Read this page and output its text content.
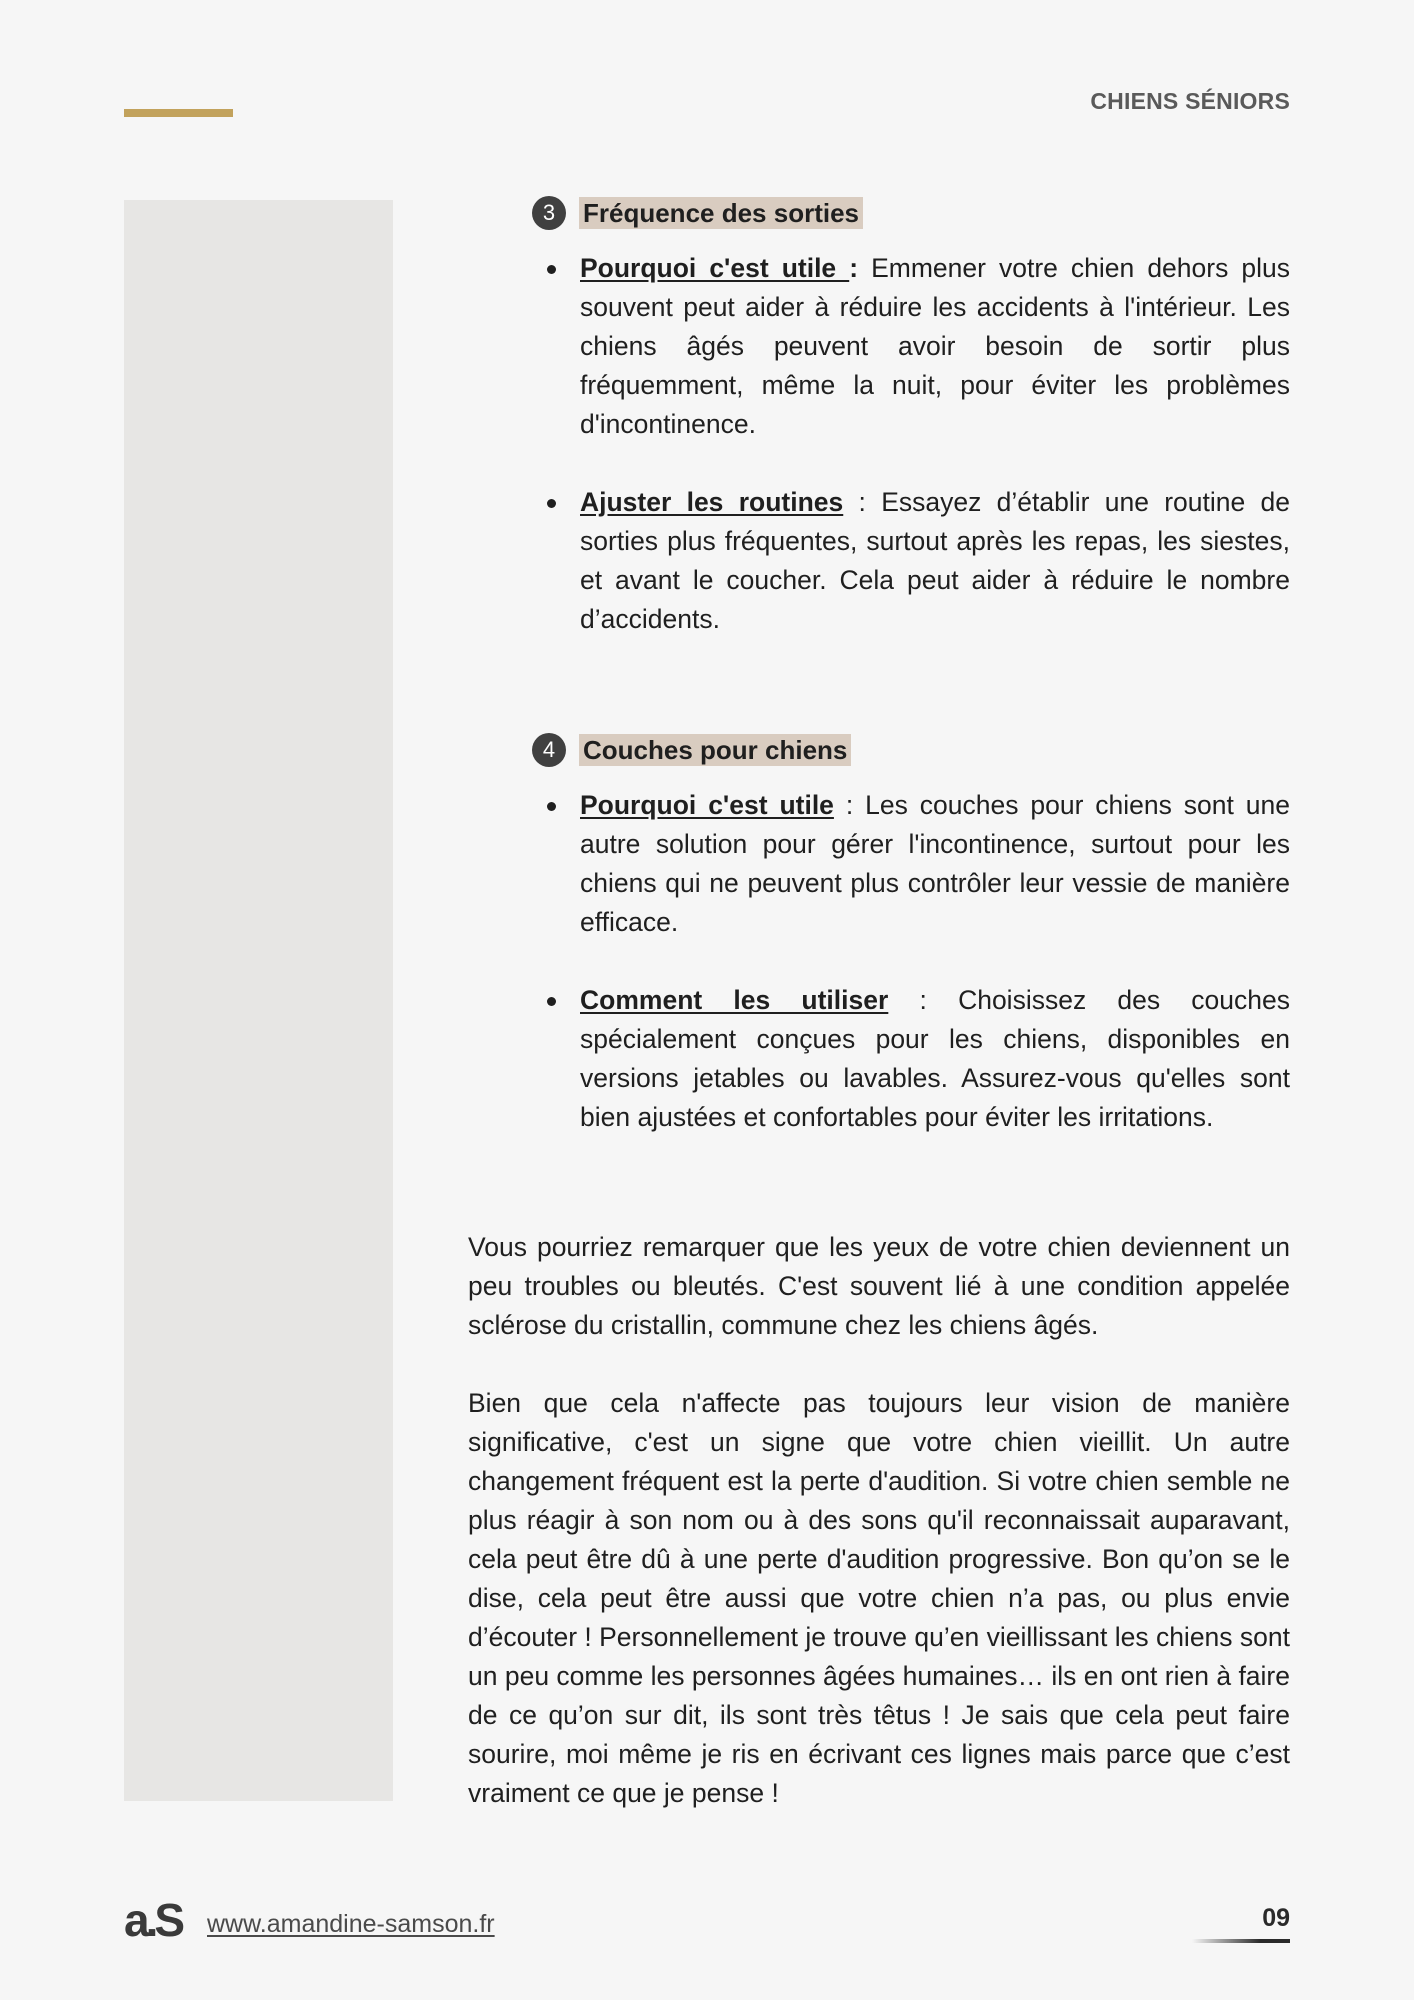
CHIENS SÉNIORS
3	Fréquence des sorties
Pourquoi c'est utile : Emmener votre chien dehors plus souvent peut aider à réduire les accidents à l'intérieur. Les chiens âgés peuvent avoir besoin de sortir plus fréquemment, même la nuit, pour éviter les problèmes d'incontinence.
Ajuster les routines : Essayez d’établir une routine de sorties plus fréquentes, surtout après les repas, les siestes, et avant le coucher. Cela peut aider à réduire le nombre d’accidents.
4	Couches pour chiens
Pourquoi c'est utile : Les couches pour chiens sont une autre solution pour gérer l'incontinence, surtout pour les chiens qui ne peuvent plus contrôler leur vessie de manière efficace.
Comment les utiliser : Choisissez des couches spécialement conçues pour les chiens, disponibles en versions jetables ou lavables. Assurez-vous qu'elles sont bien ajustées et confortables pour éviter les irritations.

Vous pourriez remarquer que les yeux de votre chien deviennent un peu troubles ou bleutés. C'est souvent lié à une condition appelée sclérose du cristallin, commune chez les chiens âgés.

Bien que cela n'affecte pas toujours leur vision de manière significative, c'est un signe que votre chien vieillit. Un autre changement fréquent est la perte d'audition. Si votre chien semble ne plus réagir à son nom ou à des sons qu'il reconnaissait auparavant, cela peut être dû à une perte d'audition progressive. Bon qu’on se le dise, cela peut être aussi que votre chien n’a pas, ou plus envie d’écouter ! Personnellement je trouve qu’en vieillissant les chiens sont un peu comme les personnes âgées humaines… ils en ont rien à faire de ce qu’on sur dit, ils sont très têtus ! Je sais que cela peut faire sourire, moi même je ris en écrivant ces lignes mais parce que c’est vraiment ce que je pense !

a.S www.amandine-samson.fr	09
